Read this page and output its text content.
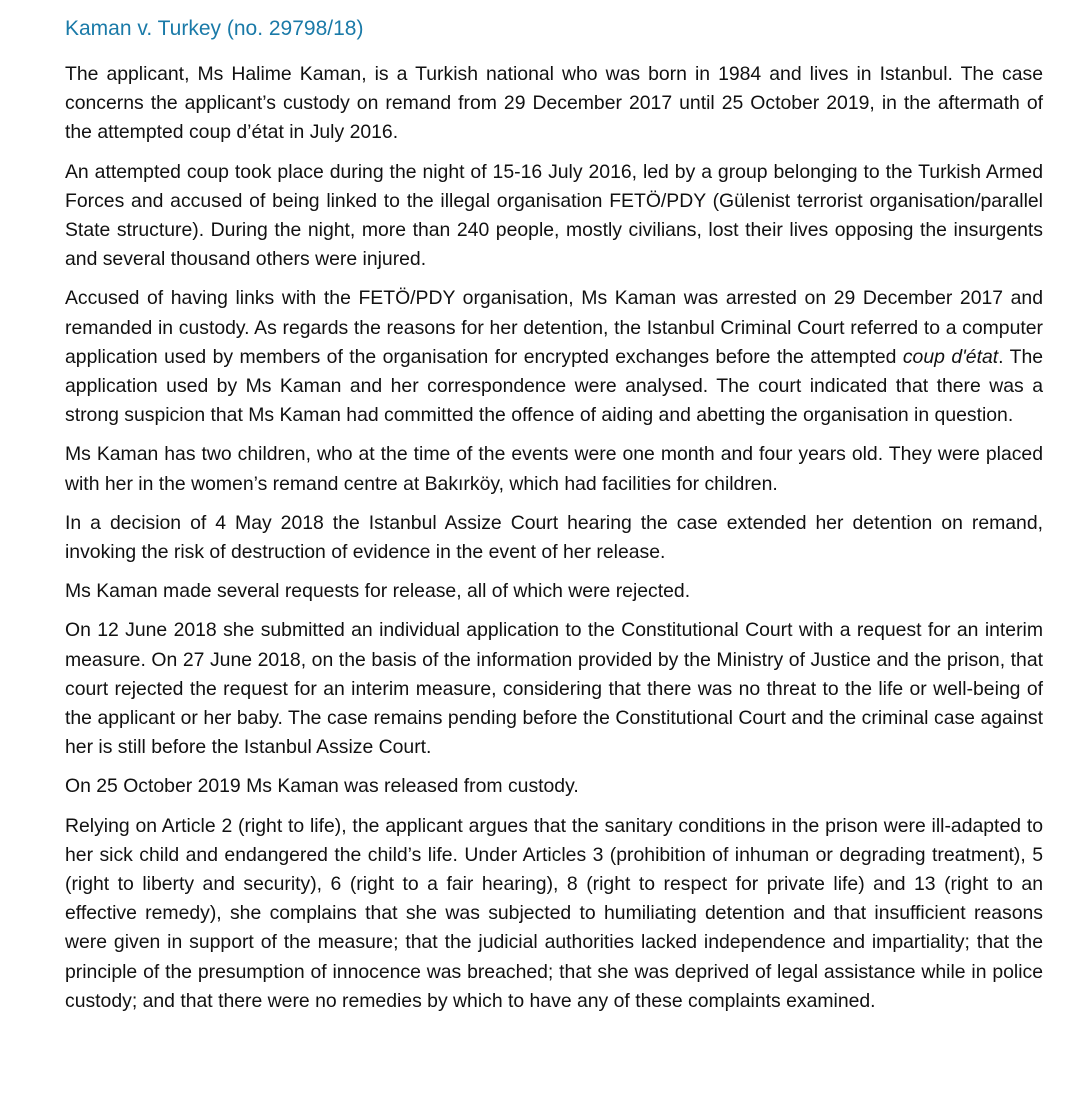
Kaman v. Turkey (no. 29798/18)

The applicant, Ms Halime Kaman, is a Turkish national who was born in 1984 and lives in Istanbul. The case concerns the applicant’s custody on remand from 29 December 2017 until 25 October 2019, in the aftermath of the attempted coup d’état in July 2016.

An attempted coup took place during the night of 15-16 July 2016, led by a group belonging to the Turkish Armed Forces and accused of being linked to the illegal organisation FETÖ/PDY (Gülenist terrorist organisation/parallel State structure). During the night, more than 240 people, mostly civilians, lost their lives opposing the insurgents and several thousand others were injured.

Accused of having links with the FETÖ/PDY organisation, Ms Kaman was arrested on 29 December 2017 and remanded in custody. As regards the reasons for her detention, the Istanbul Criminal Court referred to a computer application used by members of the organisation for encrypted exchanges before the attempted coup d'état. The application used by Ms Kaman and her correspondence were analysed. The court indicated that there was a strong suspicion that Ms Kaman had committed the offence of aiding and abetting the organisation in question.

Ms Kaman has two children, who at the time of the events were one month and four years old. They were placed with her in the women’s remand centre at Bakırköy, which had facilities for children.

In a decision of 4 May 2018 the Istanbul Assize Court hearing the case extended her detention on remand, invoking the risk of destruction of evidence in the event of her release.

Ms Kaman made several requests for release, all of which were rejected.

On 12 June 2018 she submitted an individual application to the Constitutional Court with a request for an interim measure. On 27 June 2018, on the basis of the information provided by the Ministry of Justice and the prison, that court rejected the request for an interim measure, considering that there was no threat to the life or well-being of the applicant or her baby. The case remains pending before the Constitutional Court and the criminal case against her is still before the Istanbul Assize Court.

On 25 October 2019 Ms Kaman was released from custody.

Relying on Article 2 (right to life), the applicant argues that the sanitary conditions in the prison were ill-adapted to her sick child and endangered the child’s life. Under Articles 3 (prohibition of inhuman or degrading treatment), 5 (right to liberty and security), 6 (right to a fair hearing), 8 (right to respect for private life) and 13 (right to an effective remedy), she complains that she was subjected to humiliating detention and that insufficient reasons were given in support of the measure; that the judicial authorities lacked independence and impartiality; that the principle of the presumption of innocence was breached; that she was deprived of legal assistance while in police custody; and that there were no remedies by which to have any of these complaints examined.
